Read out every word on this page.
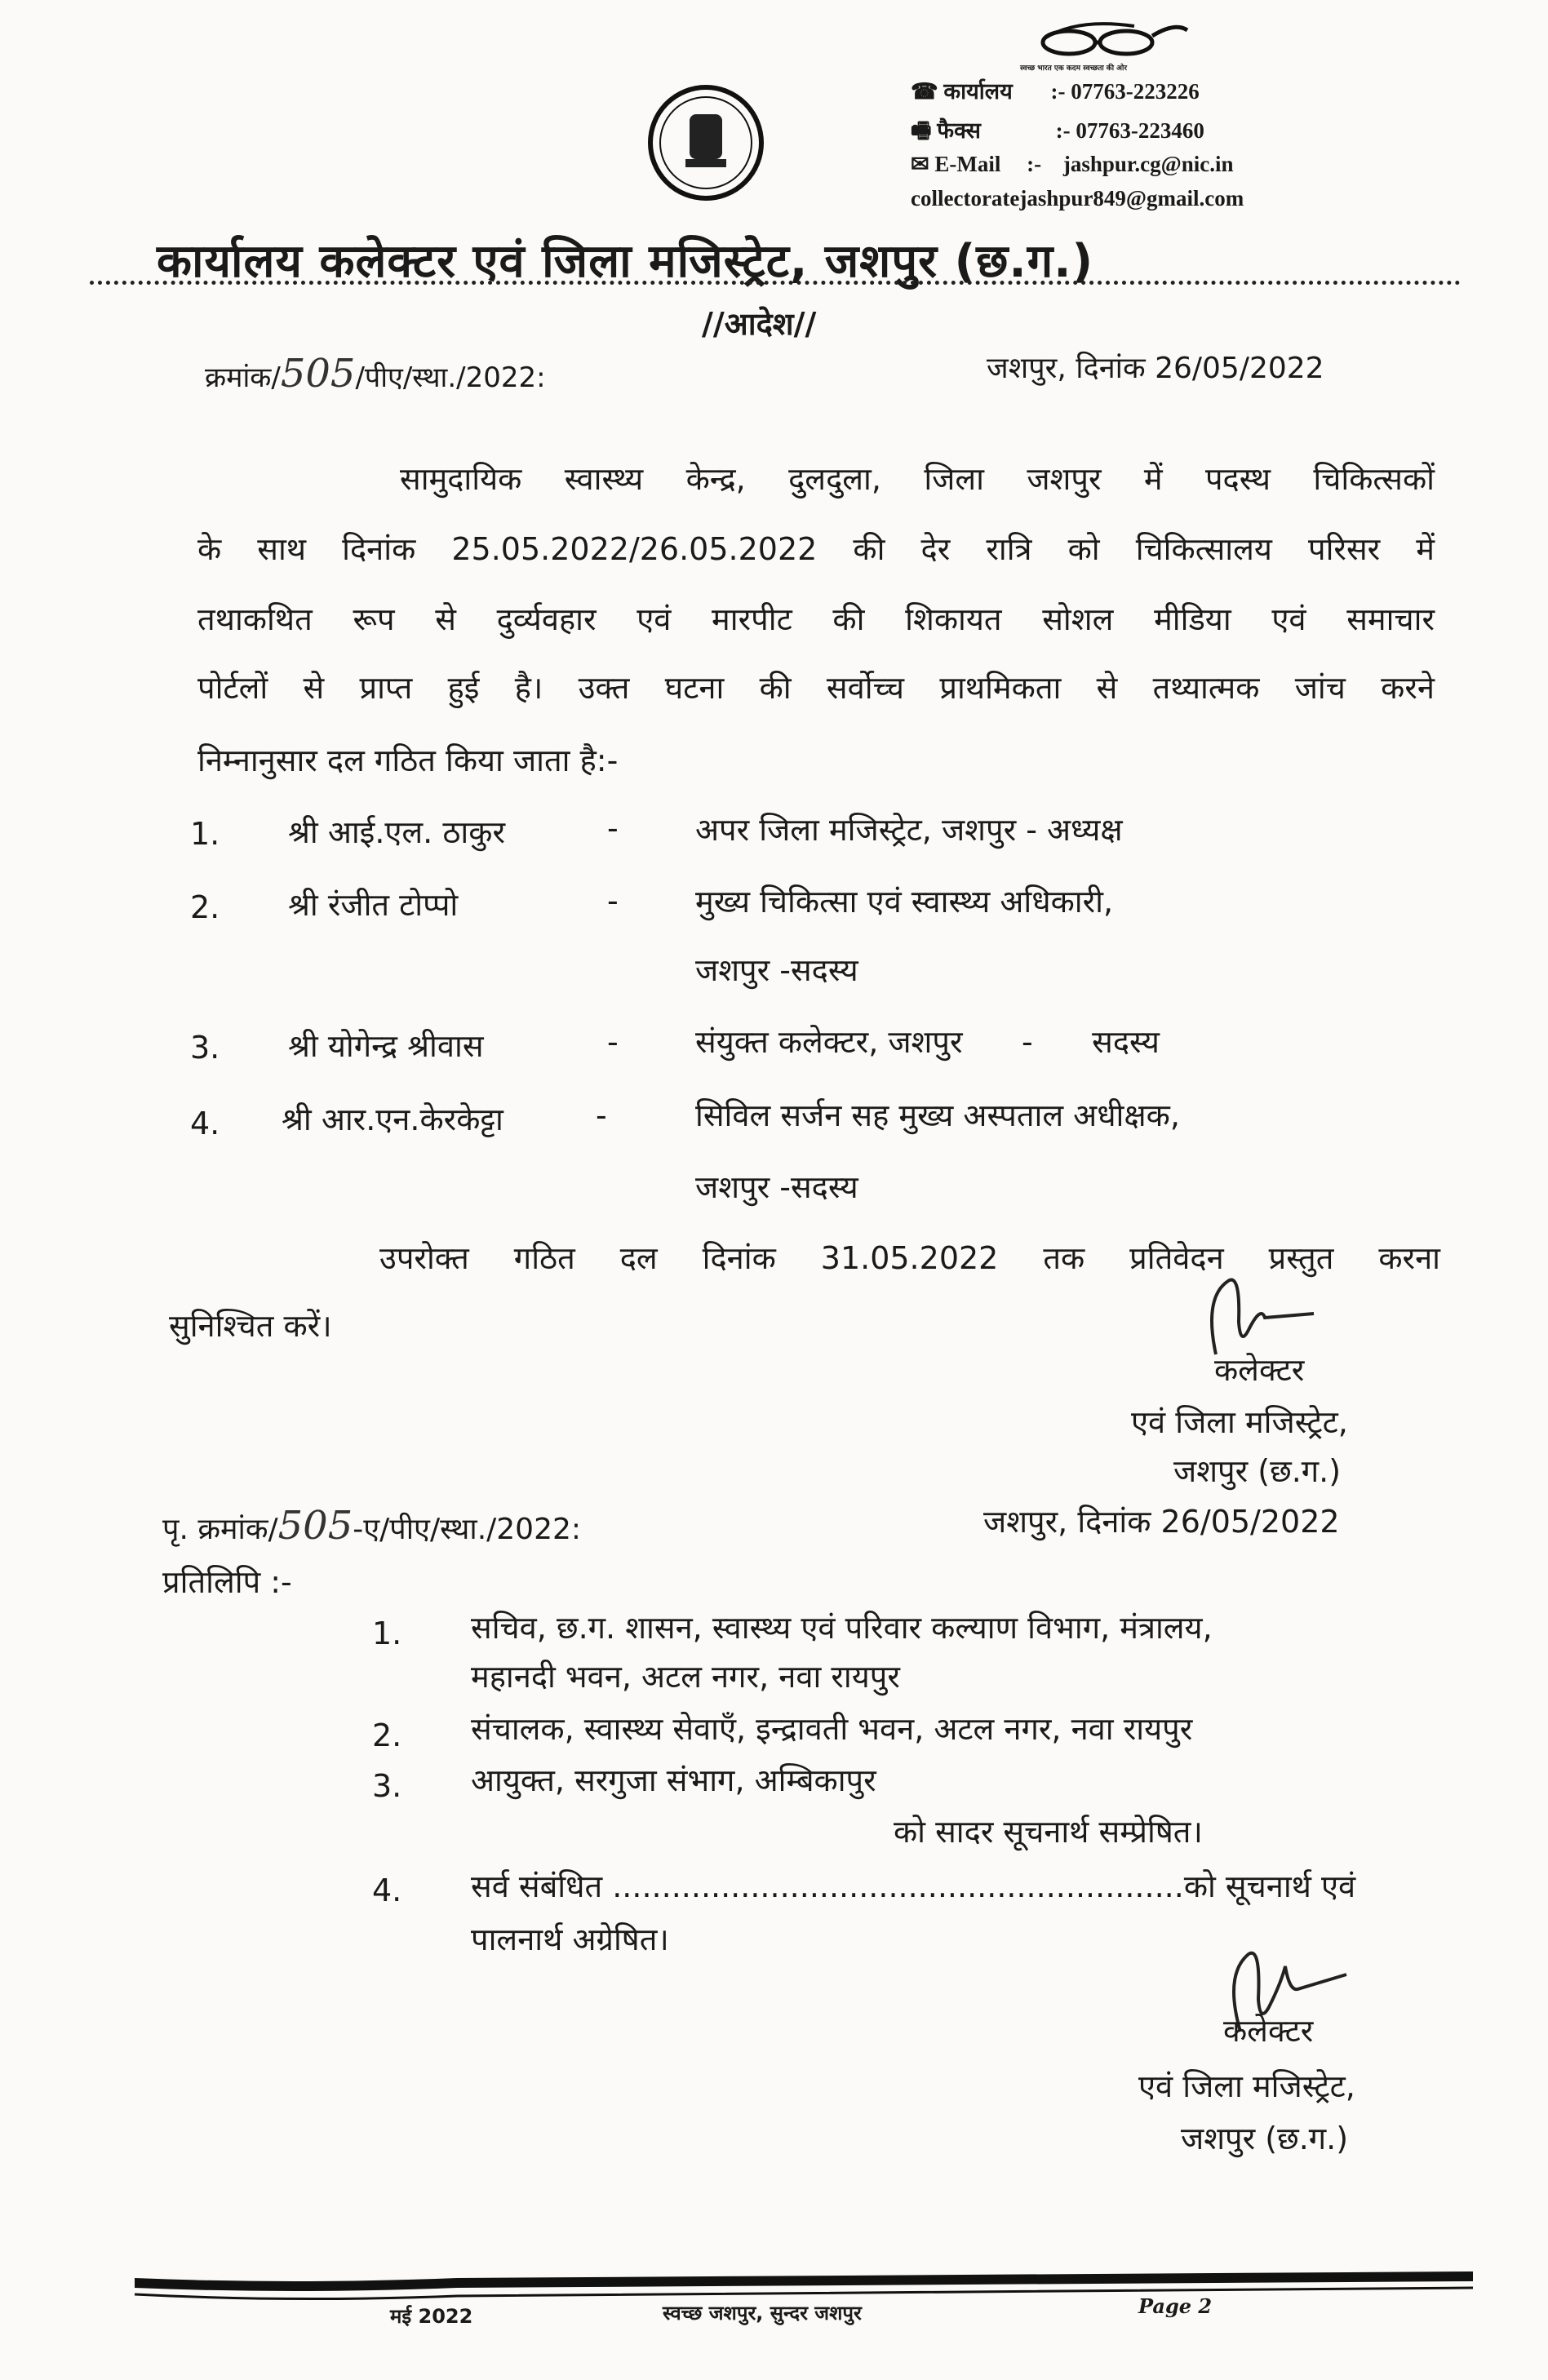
स्वच्छ भारत एक कदम स्वच्छता की ओर
☎ कार्यालय :- 07763-223226
🖷 फैक्स	:- 07763-223460
✉ E-Mail :- jashpur.cg@nic.in
collectoratejashpur849@gmail.com
कार्यालय कलेक्टर एवं जिला मजिस्ट्रेट, जशपुर (छ.ग.)
//आदेश//
क्रमांक/505/पीए/स्था./2022:	जशपुर, दिनांक 26/05/2022
सामुदायिक स्वास्थ्य केन्द्र, दुलदुला, जिला जशपुर में पदस्थ चिकित्सकों
के साथ दिनांक 25.05.2022/26.05.2022 की देर रात्रि को चिकित्सालय परिसर में
तथाकथित रूप से दुर्व्यवहार एवं मारपीट की शिकायत सोशल मीडिया एवं समाचार
पोर्टलों से प्राप्त हुई है। उक्त घटना की सर्वोच्च प्राथमिकता से तथ्यात्मक जांच करने
निम्नानुसार दल गठित किया जाता है:-
1. श्री आई.एल. ठाकुर	- अपर जिला मजिस्ट्रेट, जशपुर - अध्यक्ष
2. श्री रंजीत टोप्पो	- मुख्य चिकित्सा एवं स्वास्थ्य अधिकारी,
जशपुर -सदस्य
3. श्री योगेन्द्र श्रीवास	- संयुक्त कलेक्टर, जशपुर      -      सदस्य
4. श्री आर.एन.केरकेट्टा	-	सिविल सर्जन सह मुख्य अस्पताल अधीक्षक,
जशपुर -सदस्य
उपरोक्त गठित दल दिनांक 31.05.2022 तक प्रतिवेदन प्रस्तुत करना
सुनिश्चित करें।
कलेक्टर
एवं जिला मजिस्ट्रेट,
जशपुर (छ.ग.)
पृ. क्रमांक/505-ए/पीए/स्था./2022:	जशपुर, दिनांक 26/05/2022
प्रतिलिपि :-
1. सचिव, छ.ग. शासन, स्वास्थ्य एवं परिवार कल्याण विभाग, मंत्रालय,
महानदी भवन, अटल नगर, नवा रायपुर
2. संचालक, स्वास्थ्य सेवाएँ, इन्द्रावती भवन, अटल नगर, नवा रायपुर
3. आयुक्त, सरगुजा संभाग, अम्बिकापुर
को सादर सूचनार्थ सम्प्रेषित।
4. सर्व संबंधित ..........................................................को सूचनार्थ एवं
पालनार्थ अग्रेषित।
कलेक्टर
एवं जिला मजिस्ट्रेट,
जशपुर (छ.ग.)
मई 2022	स्वच्छ जशपुर, सुन्दर जशपुर	Page 2
